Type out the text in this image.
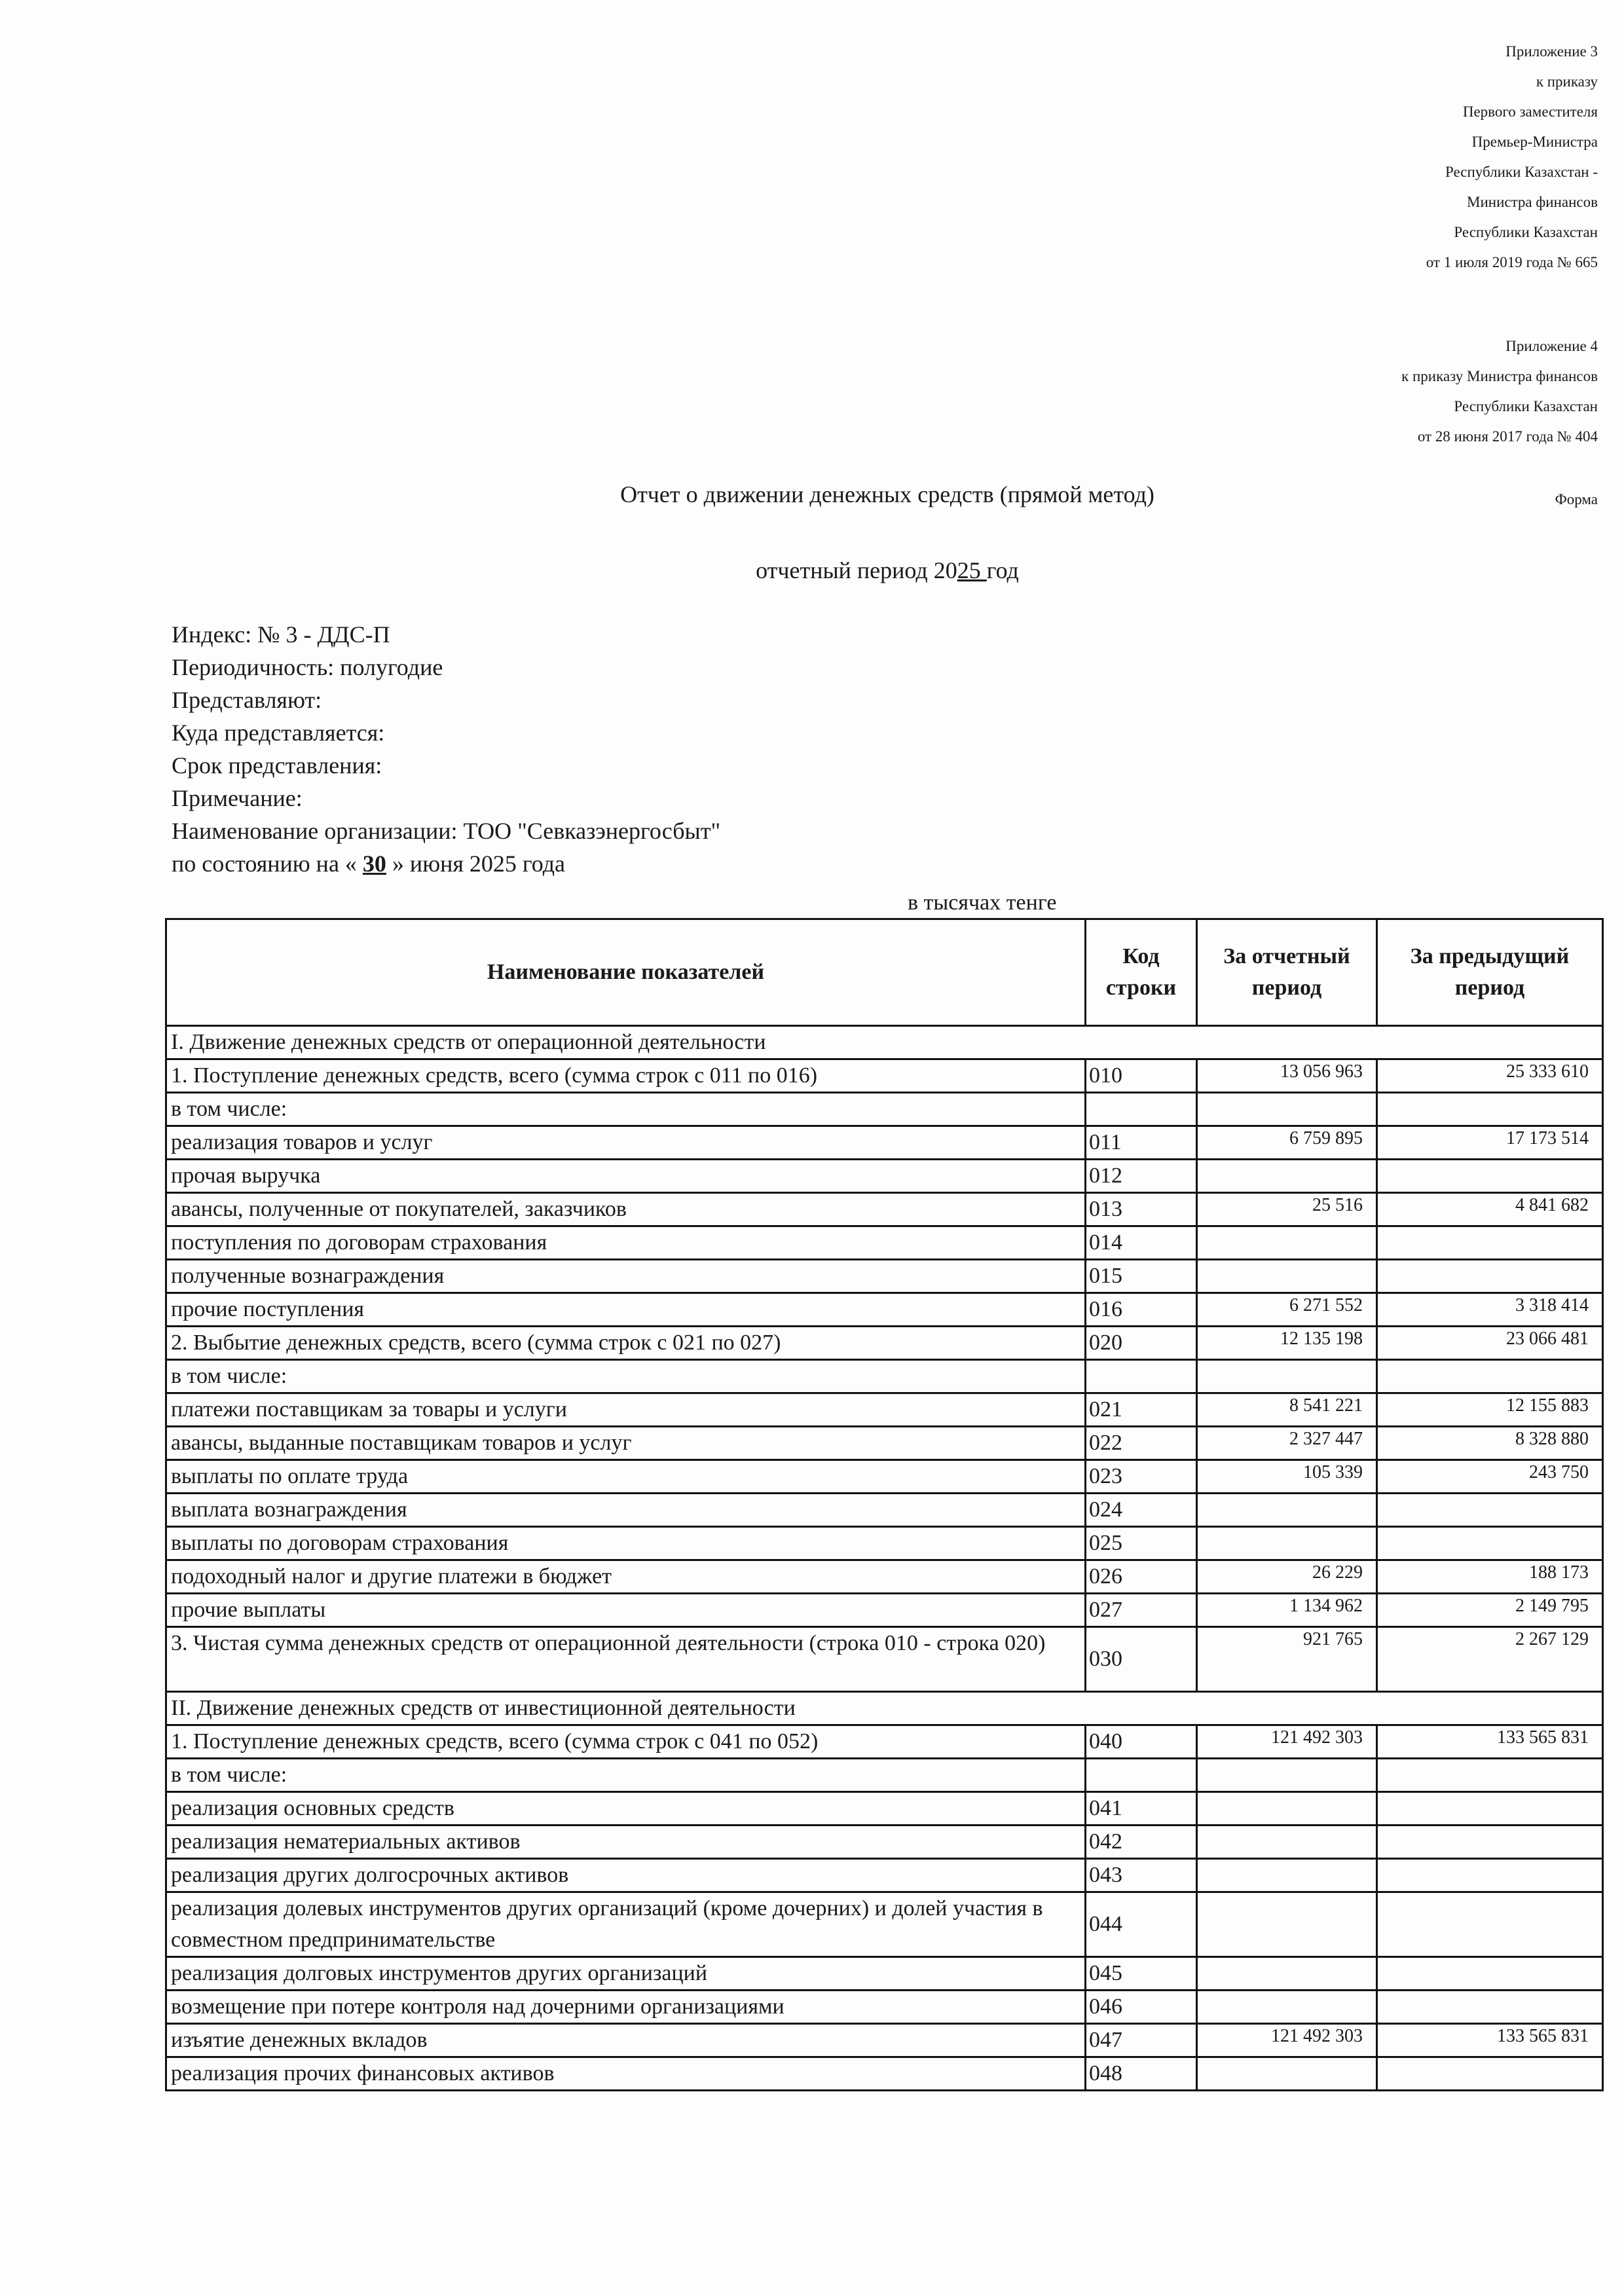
Приложение 3
к приказу
Первого заместителя
Премьер-Министра
Республики Казахстан -
Министра финансов
Республики Казахстан
от 1 июля 2019 года № 665
Приложение 4
к приказу Министра финансов
Республики Казахстан
от 28 июня 2017 года № 404
Форма
Отчет о движении денежных средств (прямой метод)
отчетный период 2025 год
Индекс: № 3 - ДДС-П
Периодичность: полугодие
Представляют:
Куда представляется:
Срок представления:
Примечание:
Наименование организации: ТОО "Севказэнергосбыт"
по состоянию на « 30 » июня 2025 года
в тысячах тенге
Наименование показателей	Код строки	За отчетный период	За предыдущий период
I. Движение денежных средств от операционной деятельности			
1. Поступление денежных средств, всего (сумма строк с 011 по 016)	010	13 056 963	25 333 610
в том числе:			
реализация товаров и услуг	011	6 759 895	17 173 514
прочая выручка	012		
авансы, полученные от покупателей, заказчиков	013	25 516	4 841 682
поступления по договорам страхования	014		
полученные вознаграждения	015		
прочие поступления	016	6 271 552	3 318 414
2. Выбытие денежных средств, всего (сумма строк с 021 по 027)	020	12 135 198	23 066 481
в том числе:			
платежи поставщикам за товары и услуги	021	8 541 221	12 155 883
авансы, выданные поставщикам товаров и услуг	022	2 327 447	8 328 880
выплаты по оплате труда	023	105 339	243 750
выплата вознаграждения	024		
выплаты по договорам страхования	025		
подоходный налог и другие платежи в бюджет	026	26 229	188 173
прочие выплаты	027	1 134 962	2 149 795
3. Чистая сумма денежных средств от операционной деятельности (строка 010 - строка 020)	030	921 765	2 267 129
II. Движение денежных средств от инвестиционной деятельности			
1. Поступление денежных средств, всего (сумма строк с 041 по 052)	040	121 492 303	133 565 831
в том числе:			
реализация основных средств	041		
реализация нематериальных активов	042		
реализация других долгосрочных активов	043		
реализация долевых инструментов других организаций (кроме дочерних) и долей участия в совместном предпринимательстве	044		
реализация долговых инструментов других организаций	045		
возмещение при потере контроля над дочерними организациями	046		
изъятие денежных вкладов	047	121 492 303	133 565 831
реализация прочих финансовых активов	048		
